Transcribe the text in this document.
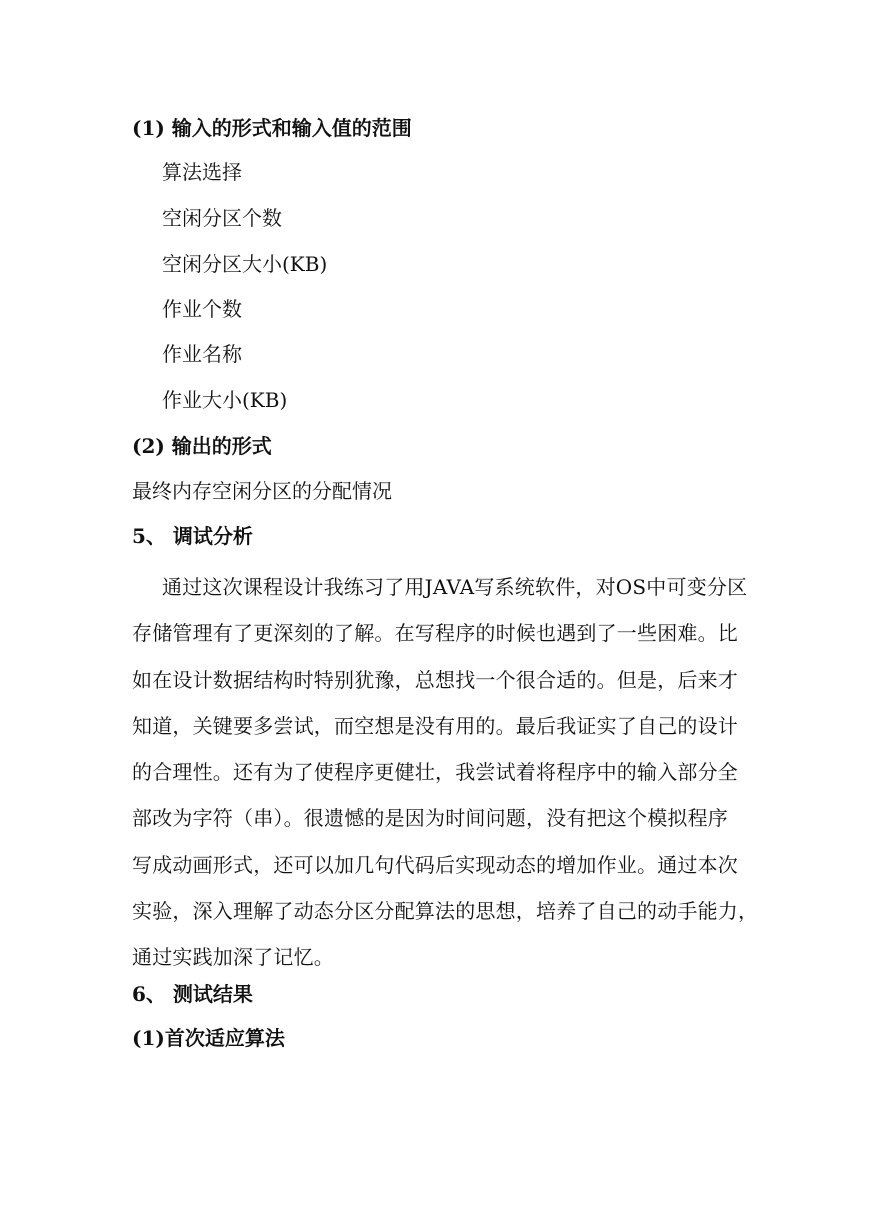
(1) 输入的形式和输入值的范围
算法选择
空闲分区个数
空闲分区大小(KB)
作业个数
作业名称
作业大小(KB)
(2) 输出的形式
最终内存空闲分区的分配情况
5、 调试分析
通过这次课程设计我练习了用JAVA写系统软件，对OS中可变分区
存储管理有了更深刻的了解。在写程序的时候也遇到了一些困难。比
如在设计数据结构时特别犹豫，总想找一个很合适的。但是，后来才
知道，关键要多尝试，而空想是没有用的。最后我证实了自己的设计
的合理性。还有为了使程序更健壮，我尝试着将程序中的输入部分全
部改为字符（串）。很遗憾的是因为时间问题，没有把这个模拟程序
写成动画形式，还可以加几句代码后实现动态的增加作业。通过本次
实验，深入理解了动态分区分配算法的思想，培养了自己的动手能力，
通过实践加深了记忆。
6、 测试结果
(1)首次适应算法
